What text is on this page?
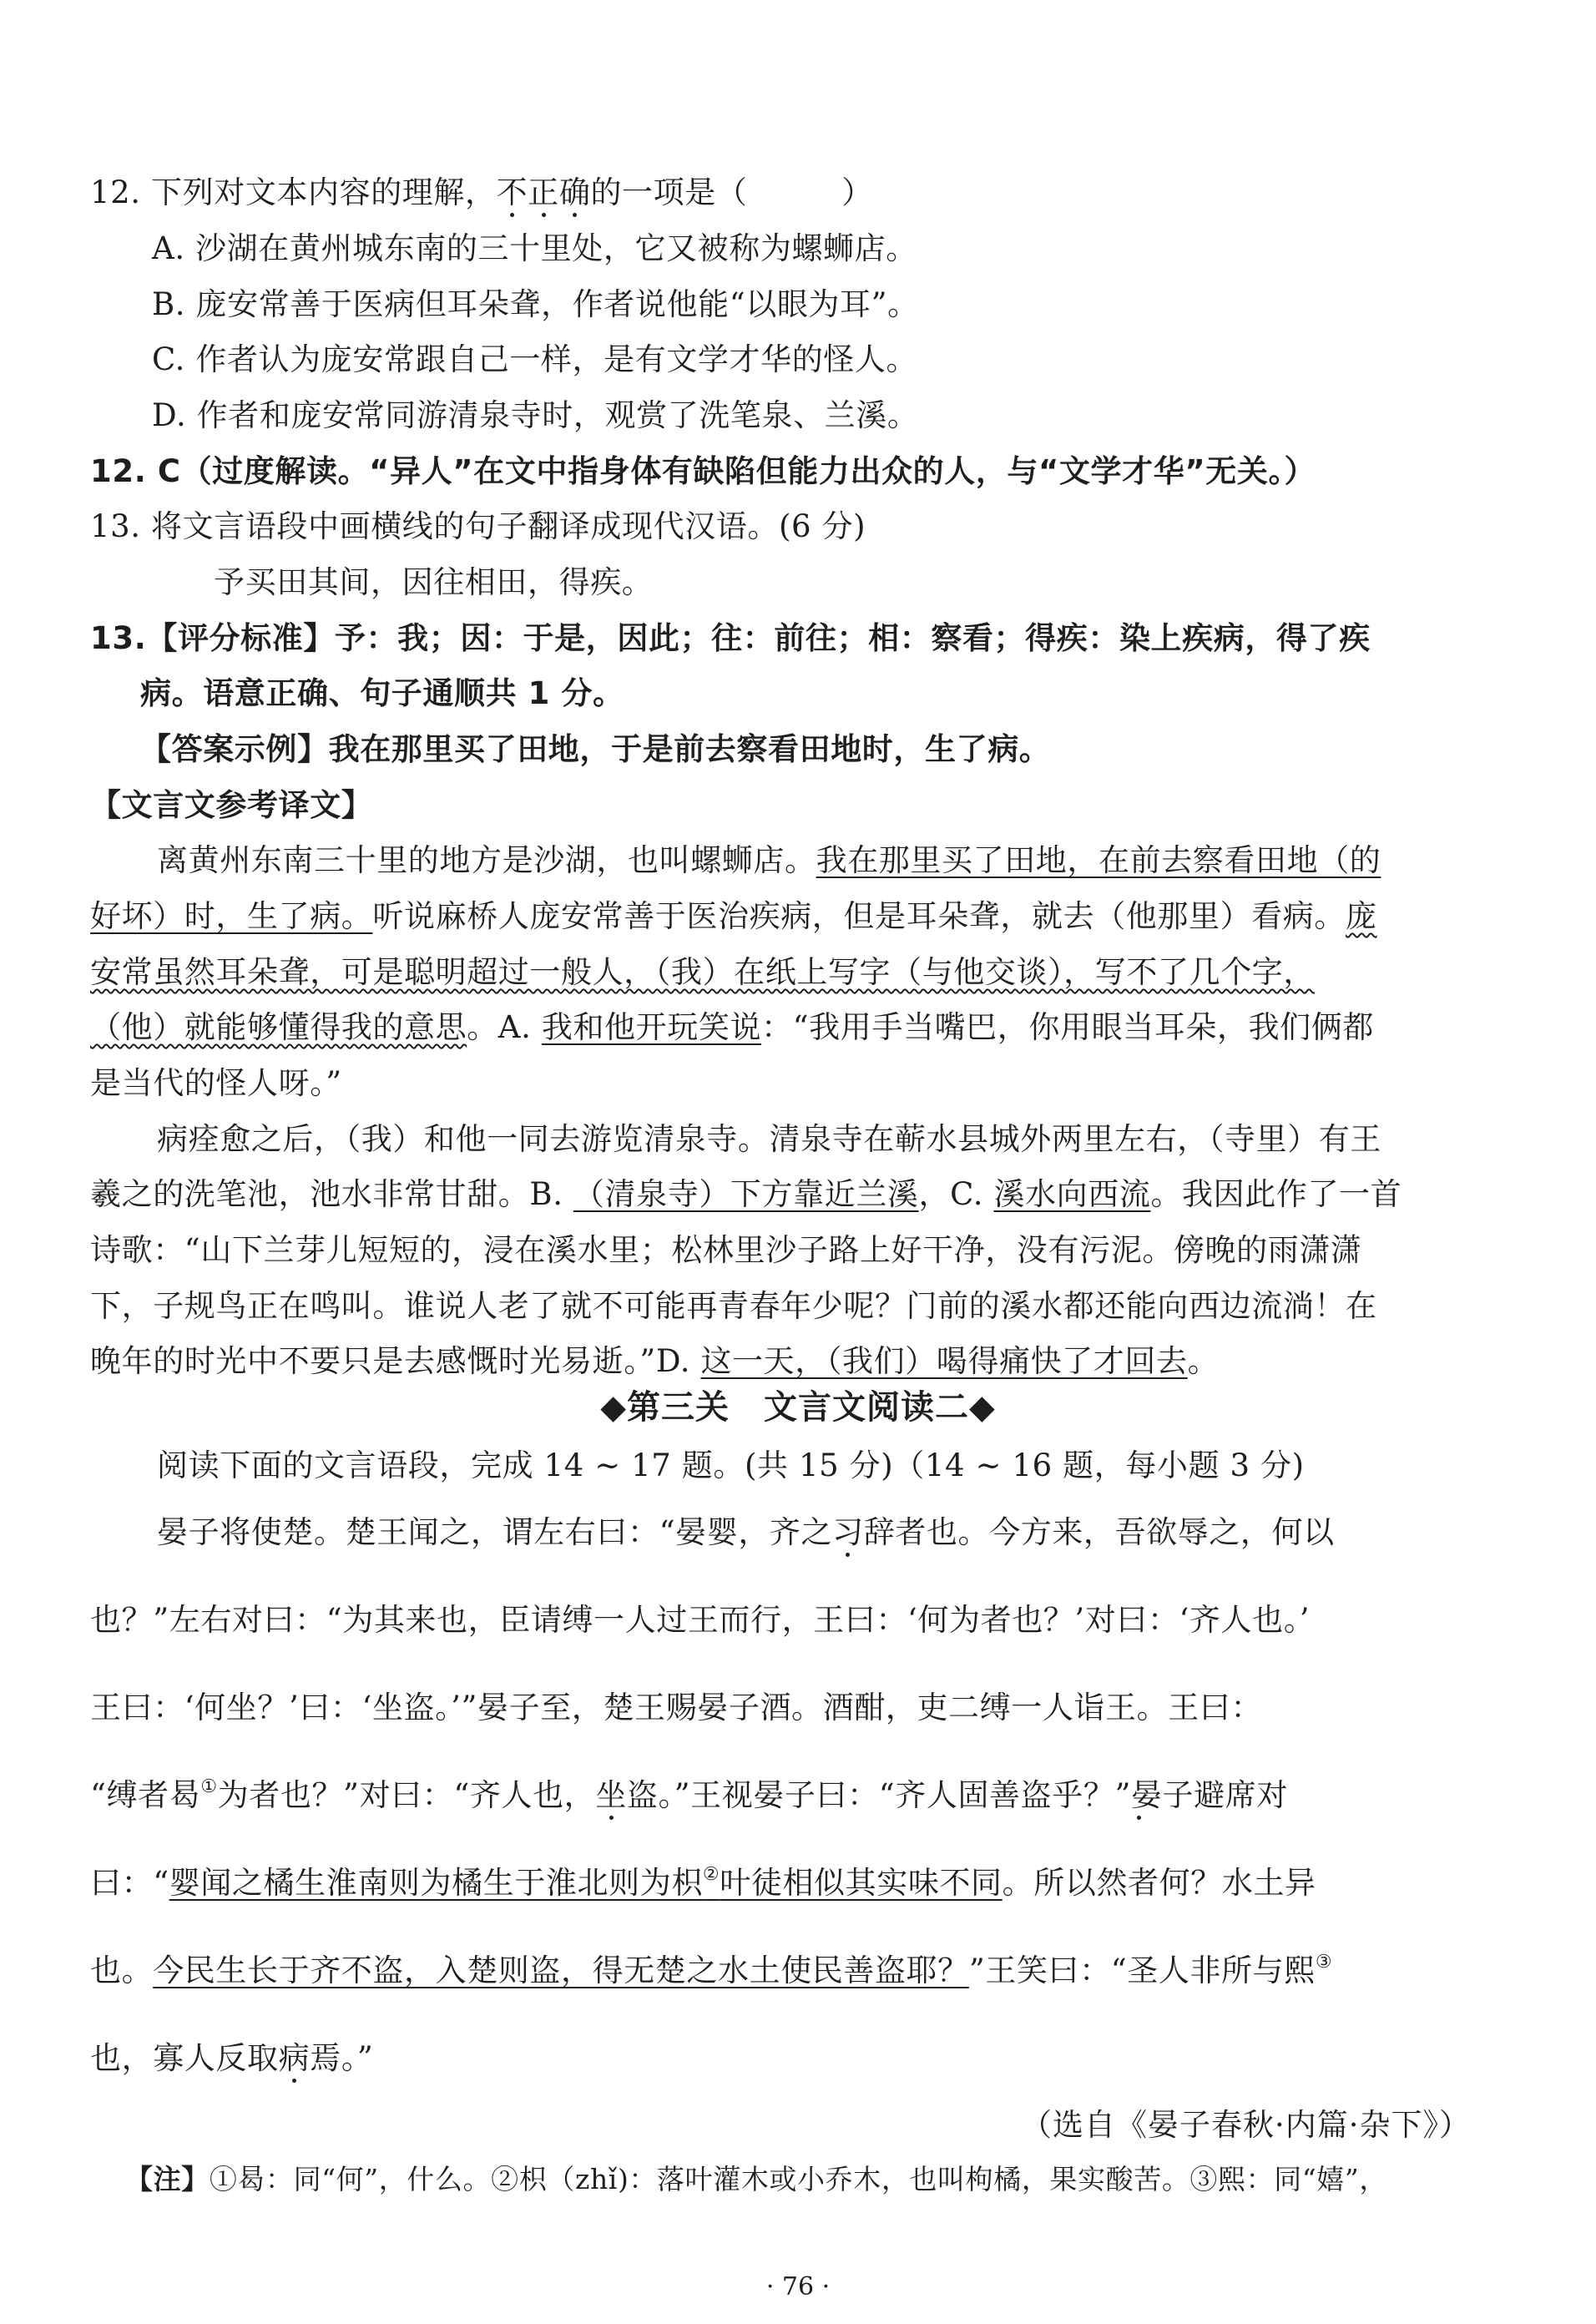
12. 下列对文本内容的理解，不正确的一项是（　　　）
A. 沙湖在黄州城东南的三十里处，它又被称为螺蛳店。
B. 庞安常善于医病但耳朵聋，作者说他能“以眼为耳”。
C. 作者认为庞安常跟自己一样，是有文学才华的怪人。
D. 作者和庞安常同游清泉寺时，观赏了洗笔泉、兰溪。
12. C（过度解读。“异人”在文中指身体有缺陷但能力出众的人，与“文学才华”无关。）
13. 将文言语段中画横线的句子翻译成现代汉语。(6 分)
予买田其间，因往相田，得疾。
13.【评分标准】予：我；因：于是，因此；往：前往；相：察看；得疾：染上疾病，得了疾
病。语意正确、句子通顺共 1 分。
【答案示例】我在那里买了田地，于是前去察看田地时，生了病。
【文言文参考译文】
离黄州东南三十里的地方是沙湖，也叫螺蛳店。我在那里买了田地，在前去察看田地（的
好坏）时，生了病。听说麻桥人庞安常善于医治疾病，但是耳朵聋，就去（他那里）看病。庞
安常虽然耳朵聋，可是聪明超过一般人，（我）在纸上写字（与他交谈），写不了几个字，
（他）就能够懂得我的意思。A. 我和他开玩笑说：“我用手当嘴巴，你用眼当耳朵，我们俩都
是当代的怪人呀。”
病痊愈之后，（我）和他一同去游览清泉寺。清泉寺在蕲水县城外两里左右，（寺里）有王
羲之的洗笔池，池水非常甘甜。B. （清泉寺）下方靠近兰溪，C. 溪水向西流。我因此作了一首
诗歌：“山下兰芽儿短短的，浸在溪水里；松林里沙子路上好干净，没有污泥。傍晚的雨潇潇
下，子规鸟正在鸣叫。谁说人老了就不可能再青春年少呢？门前的溪水都还能向西边流淌！在
晚年的时光中不要只是去感慨时光易逝。”D. 这一天，（我们）喝得痛快了才回去。
◆第三关　文言文阅读二◆
阅读下面的文言语段，完成 14 ~ 17 题。(共 15 分)（14 ~ 16 题，每小题 3 分)
晏子将使楚。楚王闻之，谓左右曰：“晏婴，齐之习辞者也。今方来，吾欲辱之，何以
也？”左右对曰：“为其来也，臣请缚一人过王而行，王曰：‘何为者也？’对曰：‘齐人也。’
王曰：‘何坐？’曰：‘坐盗。’”晏子至，楚王赐晏子酒。酒酣，吏二缚一人诣王。王曰：
“缚者曷①为者也？”对曰：“齐人也，坐盗。”王视晏子曰：“齐人固善盗乎？”晏子避席对
曰：“婴闻之橘生淮南则为橘生于淮北则为枳②叶徒相似其实味不同。所以然者何？水土异
也。今民生长于齐不盗，入楚则盗，得无楚之水土使民善盗耶？”王笑曰：“圣人非所与熙③
也，寡人反取病焉。”
（选自《晏子春秋·内篇·杂下》）
【注】①曷：同“何”，什么。②枳（zhǐ)：落叶灌木或小乔木，也叫枸橘，果实酸苦。③熙：同“嬉”，
· 76 ·
